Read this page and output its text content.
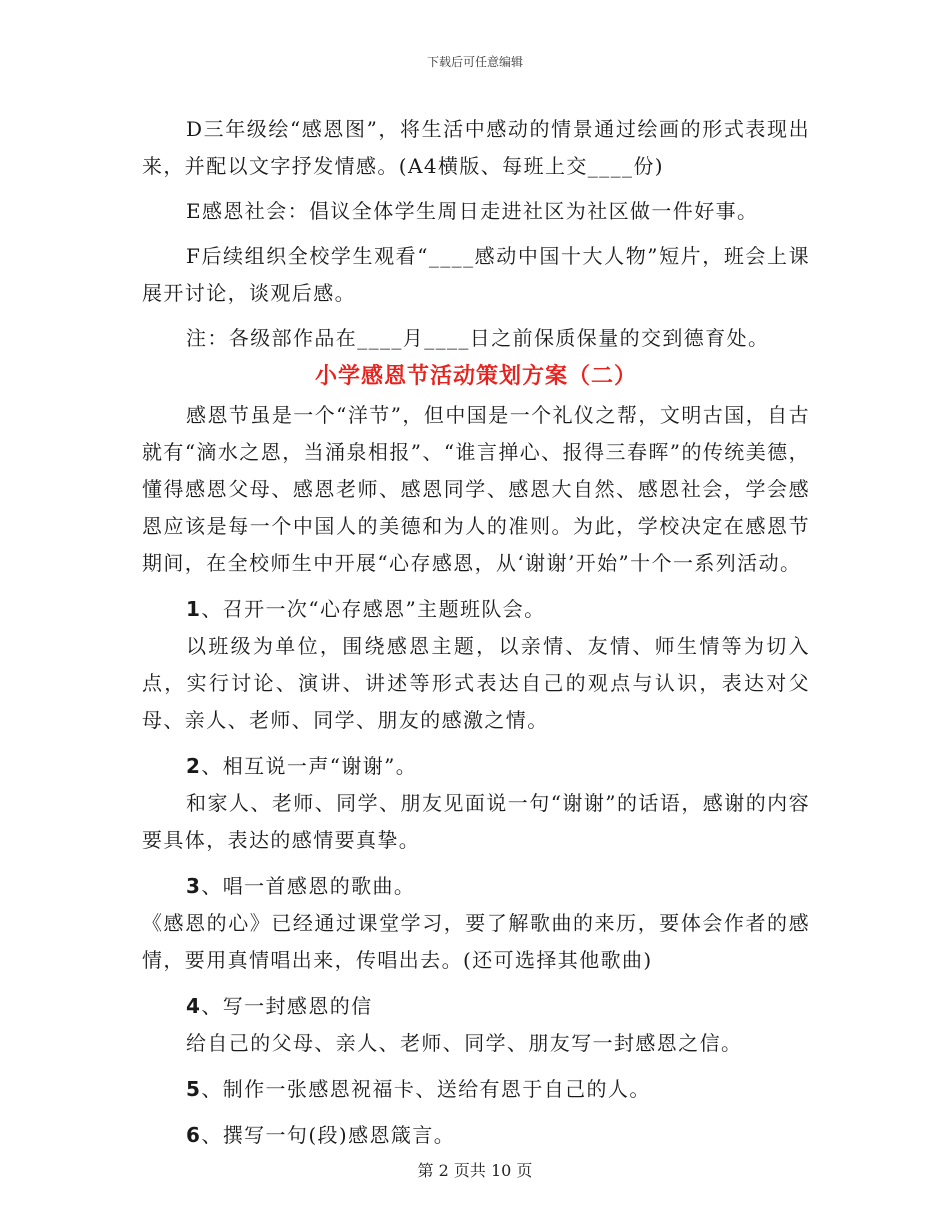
下载后可任意编辑

D三年级绘“感恩图”，将生活中感动的情景通过绘画的形式表现出来，并配以文字抒发情感。(A4横版、每班上交____份)

E感恩社会：倡议全体学生周日走进社区为社区做一件好事。

F后续组织全校学生观看“____感动中国十大人物”短片，班会上课展开讨论，谈观后感。

注：各级部作品在____月____日之前保质保量的交到德育处。

小学感恩节活动策划方案（二）

感恩节虽是一个“洋节”，但中国是一个礼仪之帮，文明古国，自古就有“滴水之恩，当涌泉相报”、“谁言掸心、报得三春晖”的传统美德，懂得感恩父母、感恩老师、感恩同学、感恩大自然、感恩社会，学会感恩应该是每一个中国人的美德和为人的准则。为此，学校决定在感恩节期间，在全校师生中开展“心存感恩，从‘谢谢’开始”十个一系列活动。

1、召开一次“心存感恩”主题班队会。

以班级为单位，围绕感恩主题，以亲情、友情、师生情等为切入点，实行讨论、演讲、讲述等形式表达自己的观点与认识，表达对父母、亲人、老师、同学、朋友的感激之情。

2、相互说一声“谢谢”。

和家人、老师、同学、朋友见面说一句“谢谢”的话语，感谢的内容要具体，表达的感情要真挚。

3、唱一首感恩的歌曲。

《感恩的心》已经通过课堂学习，要了解歌曲的来历，要体会作者的感情，要用真情唱出来，传唱出去。(还可选择其他歌曲)

4、写一封感恩的信

给自己的父母、亲人、老师、同学、朋友写一封感恩之信。

5、制作一张感恩祝福卡、送给有恩于自己的人。

6、撰写一句(段)感恩箴言。

第 2 页共 10 页
